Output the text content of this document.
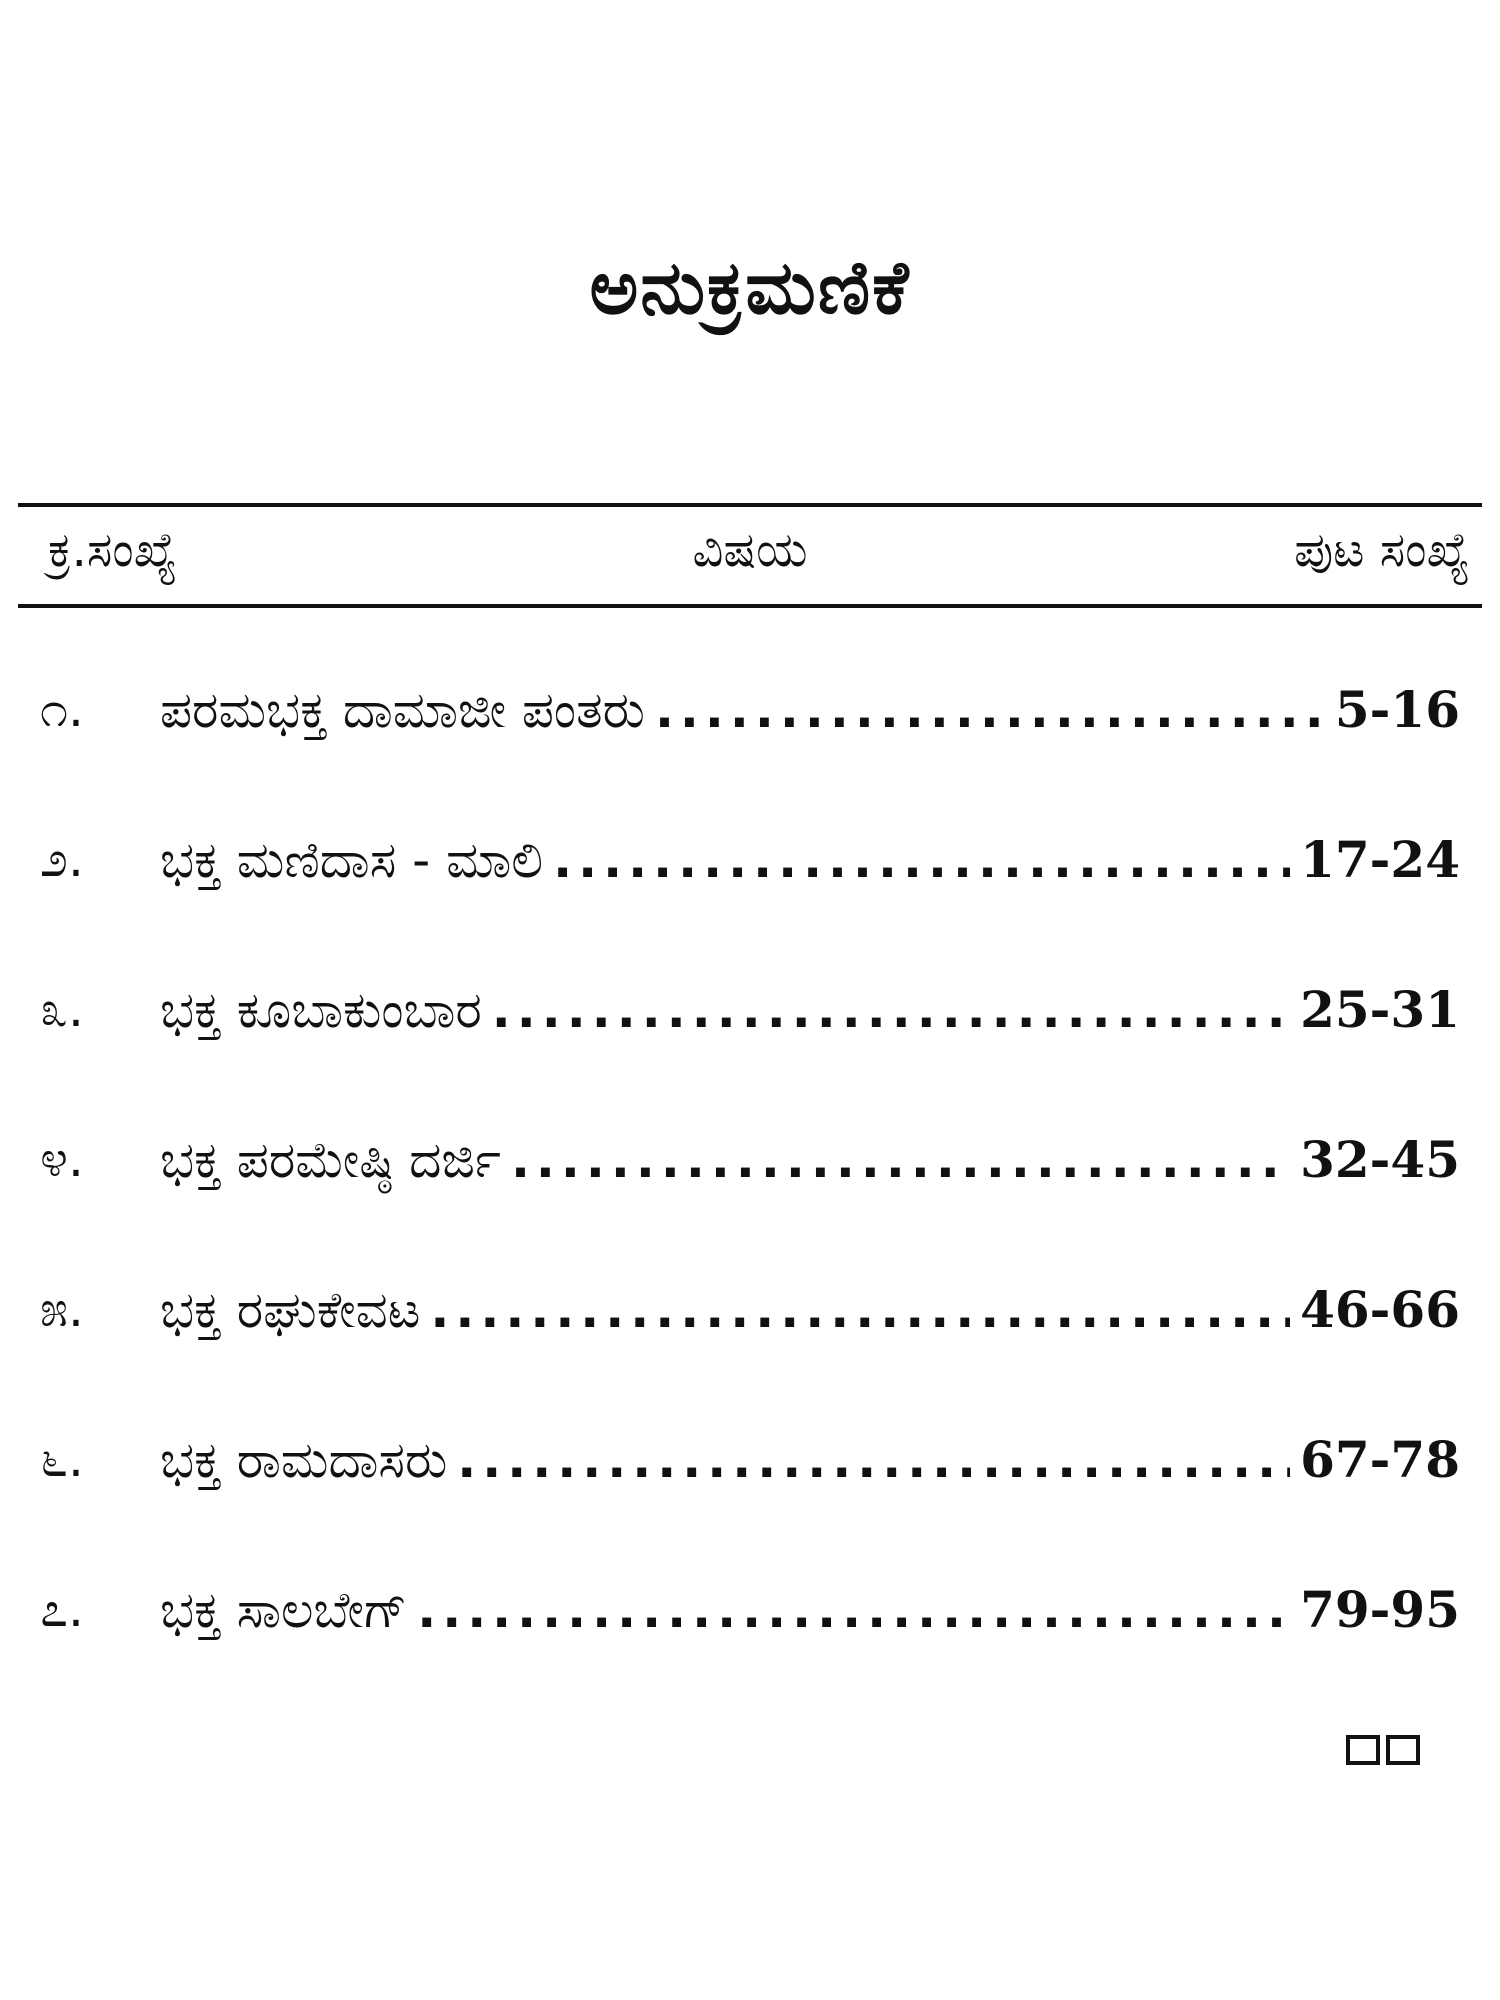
ಅನುಕ್ರಮಣಿಕೆ
ಕ್ರ.ಸಂಖ್ಯೆ	ವಿಷಯ	ಪುಟ ಸಂಖ್ಯೆ
೧.	ಪರಮಭಕ್ತ ದಾಮಾಜೀ ಪಂತರು .....	5-16
೨.	ಭಕ್ತ ಮಣಿದಾಸ - ಮಾಲಿ .....	17-24
೩.	ಭಕ್ತ ಕೂಬಾಕುಂಬಾರ .....	25-31
೪.	ಭಕ್ತ ಪರಮೇಷ್ಠಿ ದರ್ಜಿ .....	32-45
೫.	ಭಕ್ತ ರಘುಕೇವಟ .....	46-66
೬.	ಭಕ್ತ ರಾಮದಾಸರು .....	67-78
೭.	ಭಕ್ತ ಸಾಲಬೇಗ್ .....	79-95
